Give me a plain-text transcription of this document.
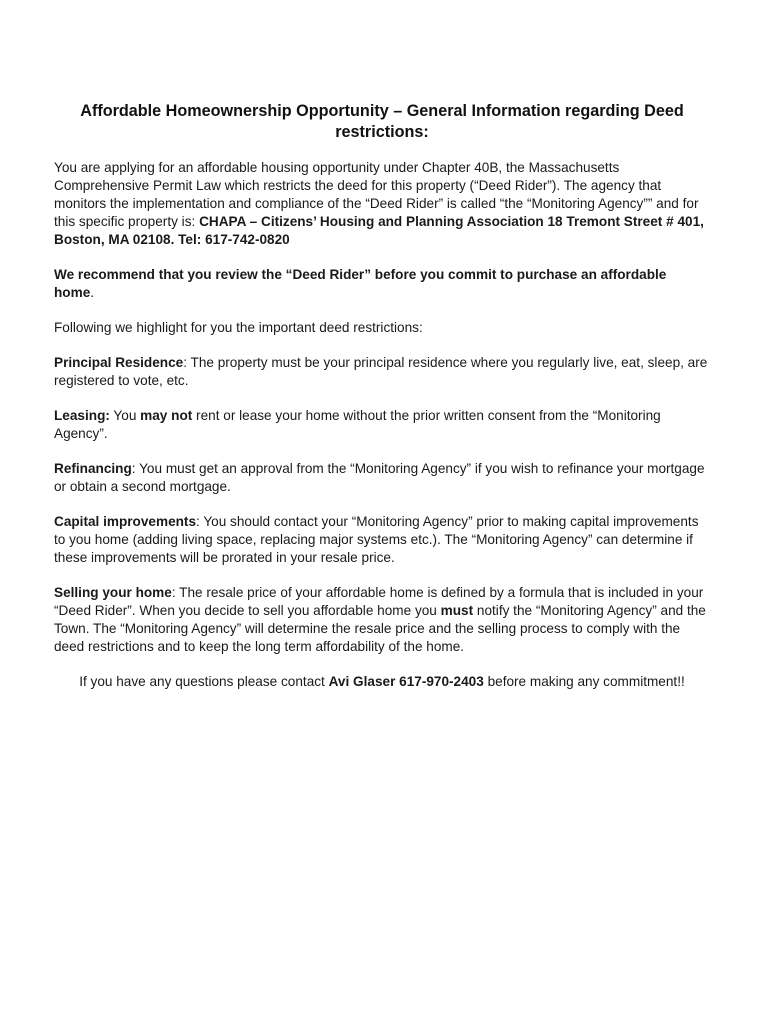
Affordable Homeownership Opportunity – General Information regarding Deed restrictions:

You are applying for an affordable housing opportunity under Chapter 40B, the Massachusetts Comprehensive Permit Law which restricts the deed for this property (“Deed Rider”). The agency that monitors the implementation and compliance of the “Deed Rider” is called “the “Monitoring Agency”” and for this specific property is: CHAPA – Citizens’ Housing and Planning Association 18 Tremont Street # 401, Boston, MA 02108. Tel: 617-742-0820

We recommend that you review the “Deed Rider” before you commit to purchase an affordable home.

Following we highlight for you the important deed restrictions:

Principal Residence: The property must be your principal residence where you regularly live, eat, sleep, are registered to vote, etc.

Leasing: You may not rent or lease your home without the prior written consent from the “Monitoring Agency”.

Refinancing: You must get an approval from the “Monitoring Agency” if you wish to refinance your mortgage or obtain a second mortgage.

Capital improvements: You should contact your “Monitoring Agency” prior to making capital improvements to you home (adding living space, replacing major systems etc.). The “Monitoring Agency” can determine if these improvements will be prorated in your resale price.

Selling your home: The resale price of your affordable home is defined by a formula that is included in your “Deed Rider”. When you decide to sell you affordable home you must notify the “Monitoring Agency” and the Town. The “Monitoring Agency” will determine the resale price and the selling process to comply with the deed restrictions and to keep the long term affordability of the home.

If you have any questions please contact Avi Glaser 617-970-2403 before making any commitment!!
